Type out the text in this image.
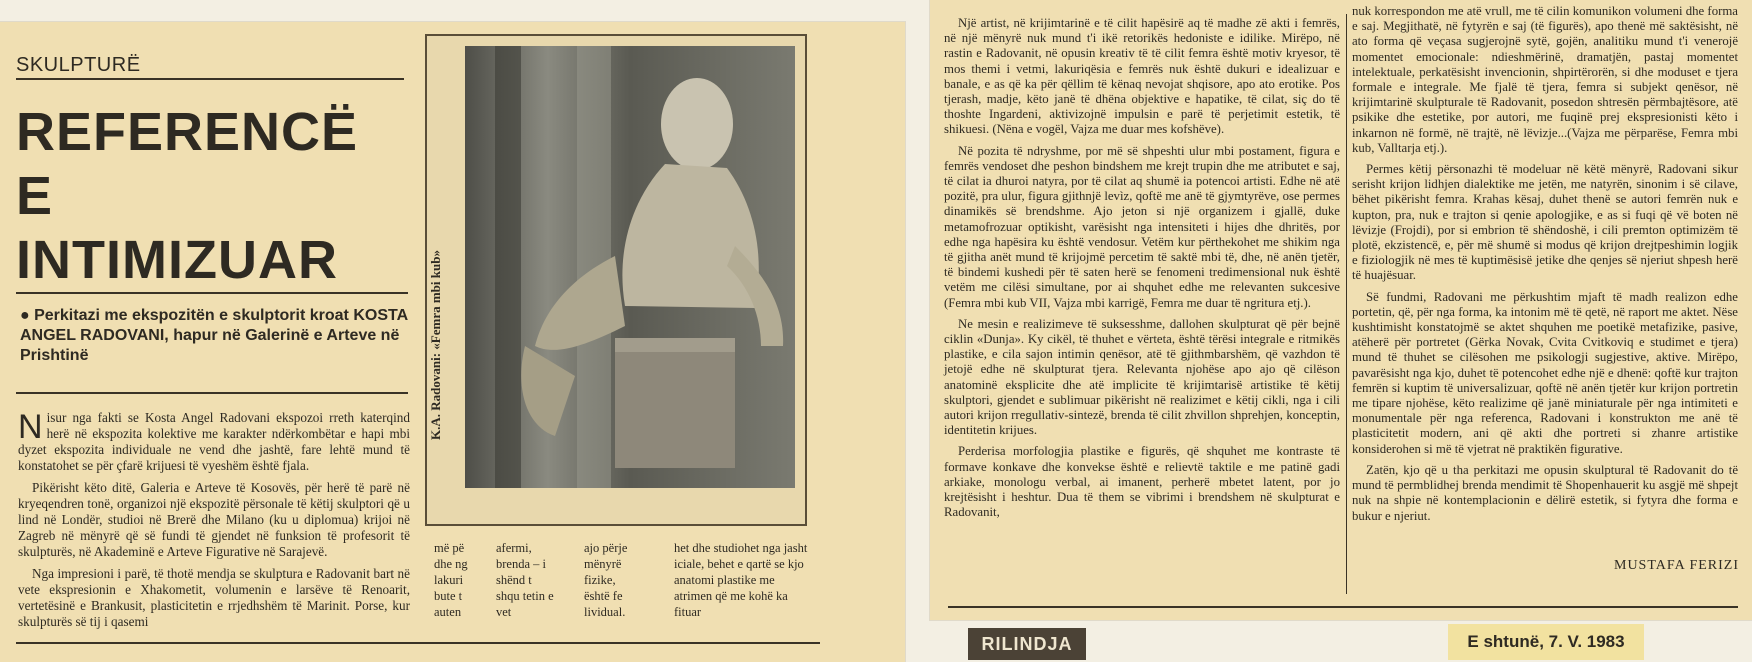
SKULPTURË
REFERENCË
E
INTIMIZUAR
● Perkitazi me ekspozitën e skulptorit kroat KOSTA ANGEL RADOVANI, hapur në Galerinë e Arteve në Prishtinë

Nisur nga fakti se Kosta Angel Radovani ekspozoi rreth katerqind herë në ekspozita kolektive me karakter ndërkombëtar e hapi mbi dyzet ekspozita individuale ne vend dhe jashtë, fare lehtë mund të konstatohet se për çfarë krijuesi të vyeshëm është fjala.

Pikërisht këto ditë, Galeria e Arteve të Kosovës, për herë të parë në kryeqendren tonë, organizoi një ekspozitë përsonale të këtij skulptori që u lind në Londër, studioi në Brerë dhe Milano (ku u diplomua) krijoi në Zagreb në mënyrë që së fundi të gjendet në funksion të profesorit të skulpturës, në Akademinë e Arteve Figurative në Sarajevë.

Nga impresioni i parë, të thotë mendja se skulptura e Radovanit bart në vete ekspresionin e Xhakometit, volumenin e larsëve të Renoarit, vertetësinë e Brankusit, plasticitetin e rrjedhshëm të Marinit. Porse, kur skulpturës së tij i qasemi

K.A. Radovani: «Femra mbi kub»
më pë dhe ng lakuri bute t auten
afermi, brenda – i shënd t shqu tetin e vet
ajo përje mënyrë fizike, është fe lividual.
het dhe studiohet nga jasht iciale, behet e qartë se kjo anatomi plastike me atrimen që me kohë ka fituar

Një artist, në krijimtarinë e të cilit hapësirë aq të madhe zë akti i femrës, në një mënyrë nuk mund t'i ikë retorikës hedoniste e idilike. Mirëpo, në rastin e Radovanit, në opusin kreativ të të cilit femra është motiv kryesor, të mos themi i vetmi, lakuriqësia e femrës nuk është dukuri e idealizuar e banale, e as që ka për qëllim të kënaq nevojat shqisore, apo ato erotike. Pos tjerash, madje, këto janë të dhëna objektive e hapatike, të cilat, siç do të thoshte Ingardeni, aktivizojnë impulsin e parë të perjetimit estetik, të shikuesi. (Nëna e vogël, Vajza me duar mes kofshëve).

Në pozita të ndryshme, por më së shpeshti ulur mbi postament, figura e femrës vendoset dhe peshon bindshem me krejt trupin dhe me atributet e saj, të cilat ia dhuroi natyra, por të cilat aq shumë ia potencoi artisti. Edhe në atë pozitë, pra ulur, figura gjithnjë levìz, qoftë me anë të gjymtyrëve, ose permes dinamikës së brendshme. Ajo jeton si një organizem i gjallë, duke metamofrozuar optikisht, varësisht nga intensiteti i hijes dhe dhritës, por edhe nga hapësira ku është vendosur. Vetëm kur përthekohet me shikim nga të gjitha anët mund të krijojmë percetim të saktë mbi të, dhe, në anën tjetër, të bindemi kushedi për të saten herë se fenomeni tredimensional nuk është vetëm me cilësi simultane, por ai shquhet edhe me relevanten sukcesive (Femra mbi kub VII, Vajza mbi karrigë, Femra me duar të ngritura etj.).

Ne mesin e realizimeve të suksesshme, dallohen skulpturat që për bejnë ciklin «Dunja». Ky cikël, të thuhet e vërteta, është tërësi integrale e ritmikës plastike, e cila sajon intimin qenësor, atë të gjithmbarshëm, që vazhdon të jetojë edhe në skulpturat tjera. Relevanta njohëse apo ajo që cilëson anatominë eksplicite dhe atë implicite të krijimtarisë artistike të këtij skulptori, gjendet e sublimuar pikërisht në realizimet e këtij cikli, nga i cili autori krijon rregullativ-sintezë, brenda të cilit zhvillon shprehjen, konceptin, identitetin krijues.

Perderisa morfologjia plastike e figurës, që shquhet me kontraste të formave konkave dhe konvekse është e relievtë taktile e me patinë gadi arkiake, monologu verbal, ai imanent, perherë mbetet latent, por jo krejtësisht i heshtur. Dua të them se vibrimi i brendshem në skulpturat e Radovanit,

nuk korrespondon me atë vrull, me të cilin komunikon volumeni dhe forma e saj. Megjithatë, në fytyrën e saj (të figurës), apo thenë më saktësisht, në ato forma që veçasa sugjerojnë sytë, gojën, analitiku mund t'i venerojë momentet emocionale: ndieshmërinë, dramatjën, pastaj momentet intelektuale, perkatësisht invencionin, shpirtërorën, si dhe moduset e tjera formale e integrale. Me fjalë të tjera, femra si subjekt qenësor, në krijimtarinë skulpturale të Radovanit, posedon shtresën përmbajtësore, atë psikike dhe estetike, por autori, me fuqinë prej ekspresionisti këto i inkarnon në formë, në trajtë, në lëvizje...(Vajza me përparëse, Femra mbi kub, Valltarja etj.).

Permes këtij përsonazhi të modeluar në këtë mënyrë, Radovani sikur serisht krijon lidhjen dialektike me jetën, me natyrën, sinonim i së cilave, bëhet pikërisht femra. Krahas kësaj, duhet thenë se autori femrën nuk e kupton, pra, nuk e trajton si qenie apologjike, e as si fuqi që vë boten në lëvizje (Frojdi), por si embrion të shëndoshë, i cili premton optimizëm të plotë, ekzistencë, e, për më shumë si modus që krijon drejtpeshimin logjik e fiziologjik në mes të kuptimësisë jetike dhe qenjes së njeriut shpesh herë të huajësuar.

Së fundmi, Radovani me përkushtim mjaft të madh realizon edhe portetin, që, për nga forma, ka intonim më të qetë, në raport me aktet. Nëse kushtimisht konstatojmë se aktet shquhen me poetikë metafizike, pasive, atëherë për portretet (Gërka Novak, Cvita Cvitkoviq e studimet e tjera) mund të thuhet se cilësohen me psikologji sugjestive, aktive. Mirëpo, pavarësisht nga kjo, duhet të potencohet edhe një e dhenë: qoftë kur trajton femrën si kuptim të universalizuar, qoftë në anën tjetër kur krijon portretin me tipare njohëse, këto realizime që janë miniaturale për nga intimiteti e monumentale për nga referenca, Radovani i konstrukton me anë të plasticitetit modern, ani që akti dhe portreti si zhanre artistike konsiderohen si më të vjetrat në praktikën figurative.

Zatën, kjo që u tha perkitazi me opusin skulptural të Radovanit do të mund të permblidhej brenda mendimit të Shopenhauerit ku asgjë më shpejt nuk na shpie në kontemplacionin e dëlirë estetik, si fytyra dhe forma e bukur e njeriut.

MUSTAFA FERIZI
RILINDJA	E shtunë, 7. V. 1983
